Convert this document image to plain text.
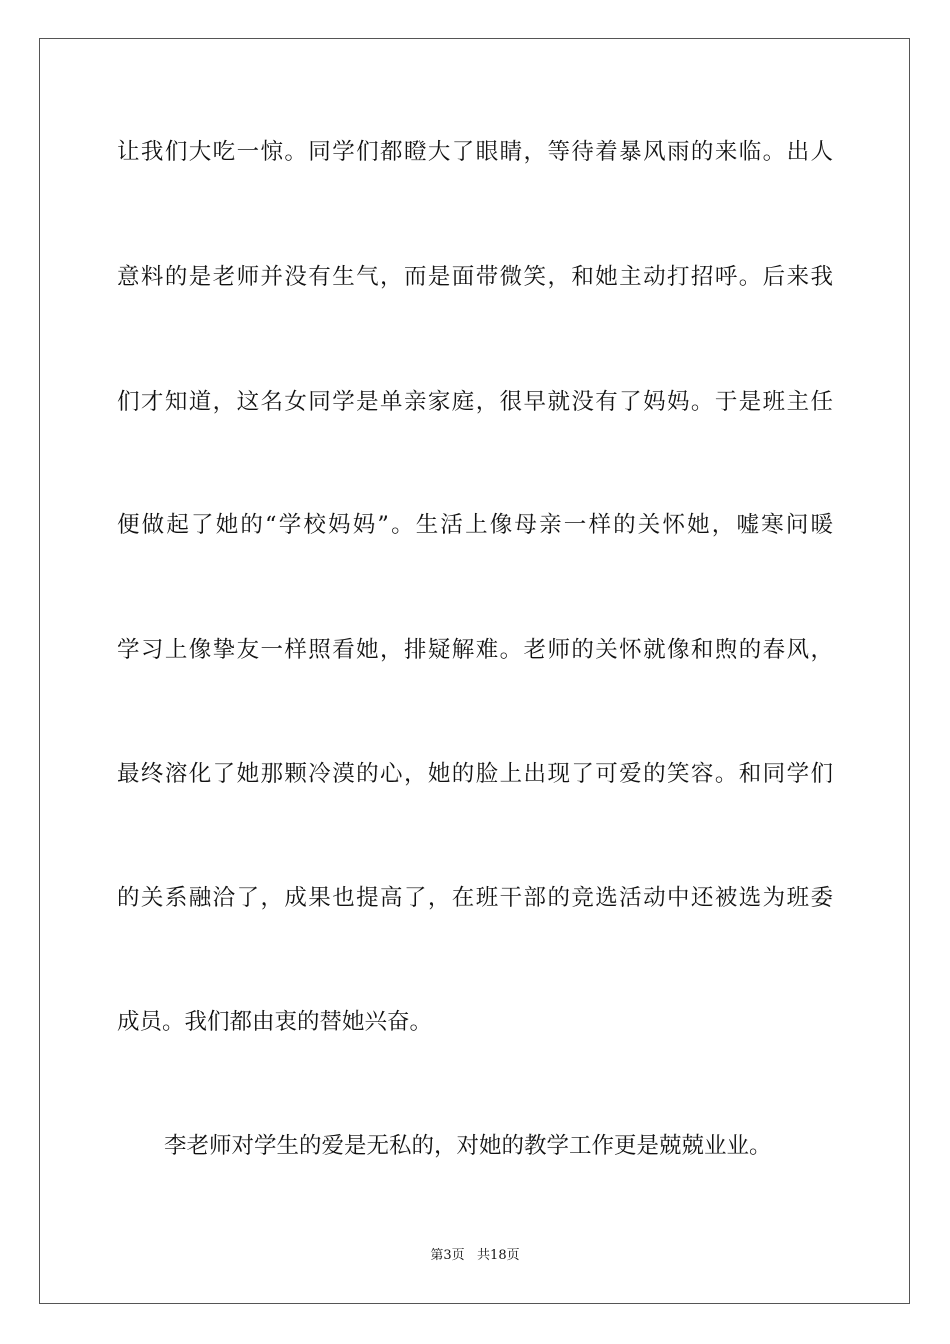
让我们大吃一惊。同学们都瞪大了眼睛，等待着暴风雨的来临。出人
意料的是老师并没有生气，而是面带微笑，和她主动打招呼。后来我
们才知道，这名女同学是单亲家庭，很早就没有了妈妈。于是班主任
便做起了她的“学校妈妈”。生活上像母亲一样的关怀她，嘘寒问暖
学习上像挚友一样照看她，排疑解难。老师的关怀就像和煦的春风，
最终溶化了她那颗冷漠的心，她的脸上出现了可爱的笑容。和同学们
的关系融洽了，成果也提高了，在班干部的竞选活动中还被选为班委
成员。我们都由衷的替她兴奋。
李老师对学生的爱是无私的，对她的教学工作更是兢兢业业。
第3页   共18页
